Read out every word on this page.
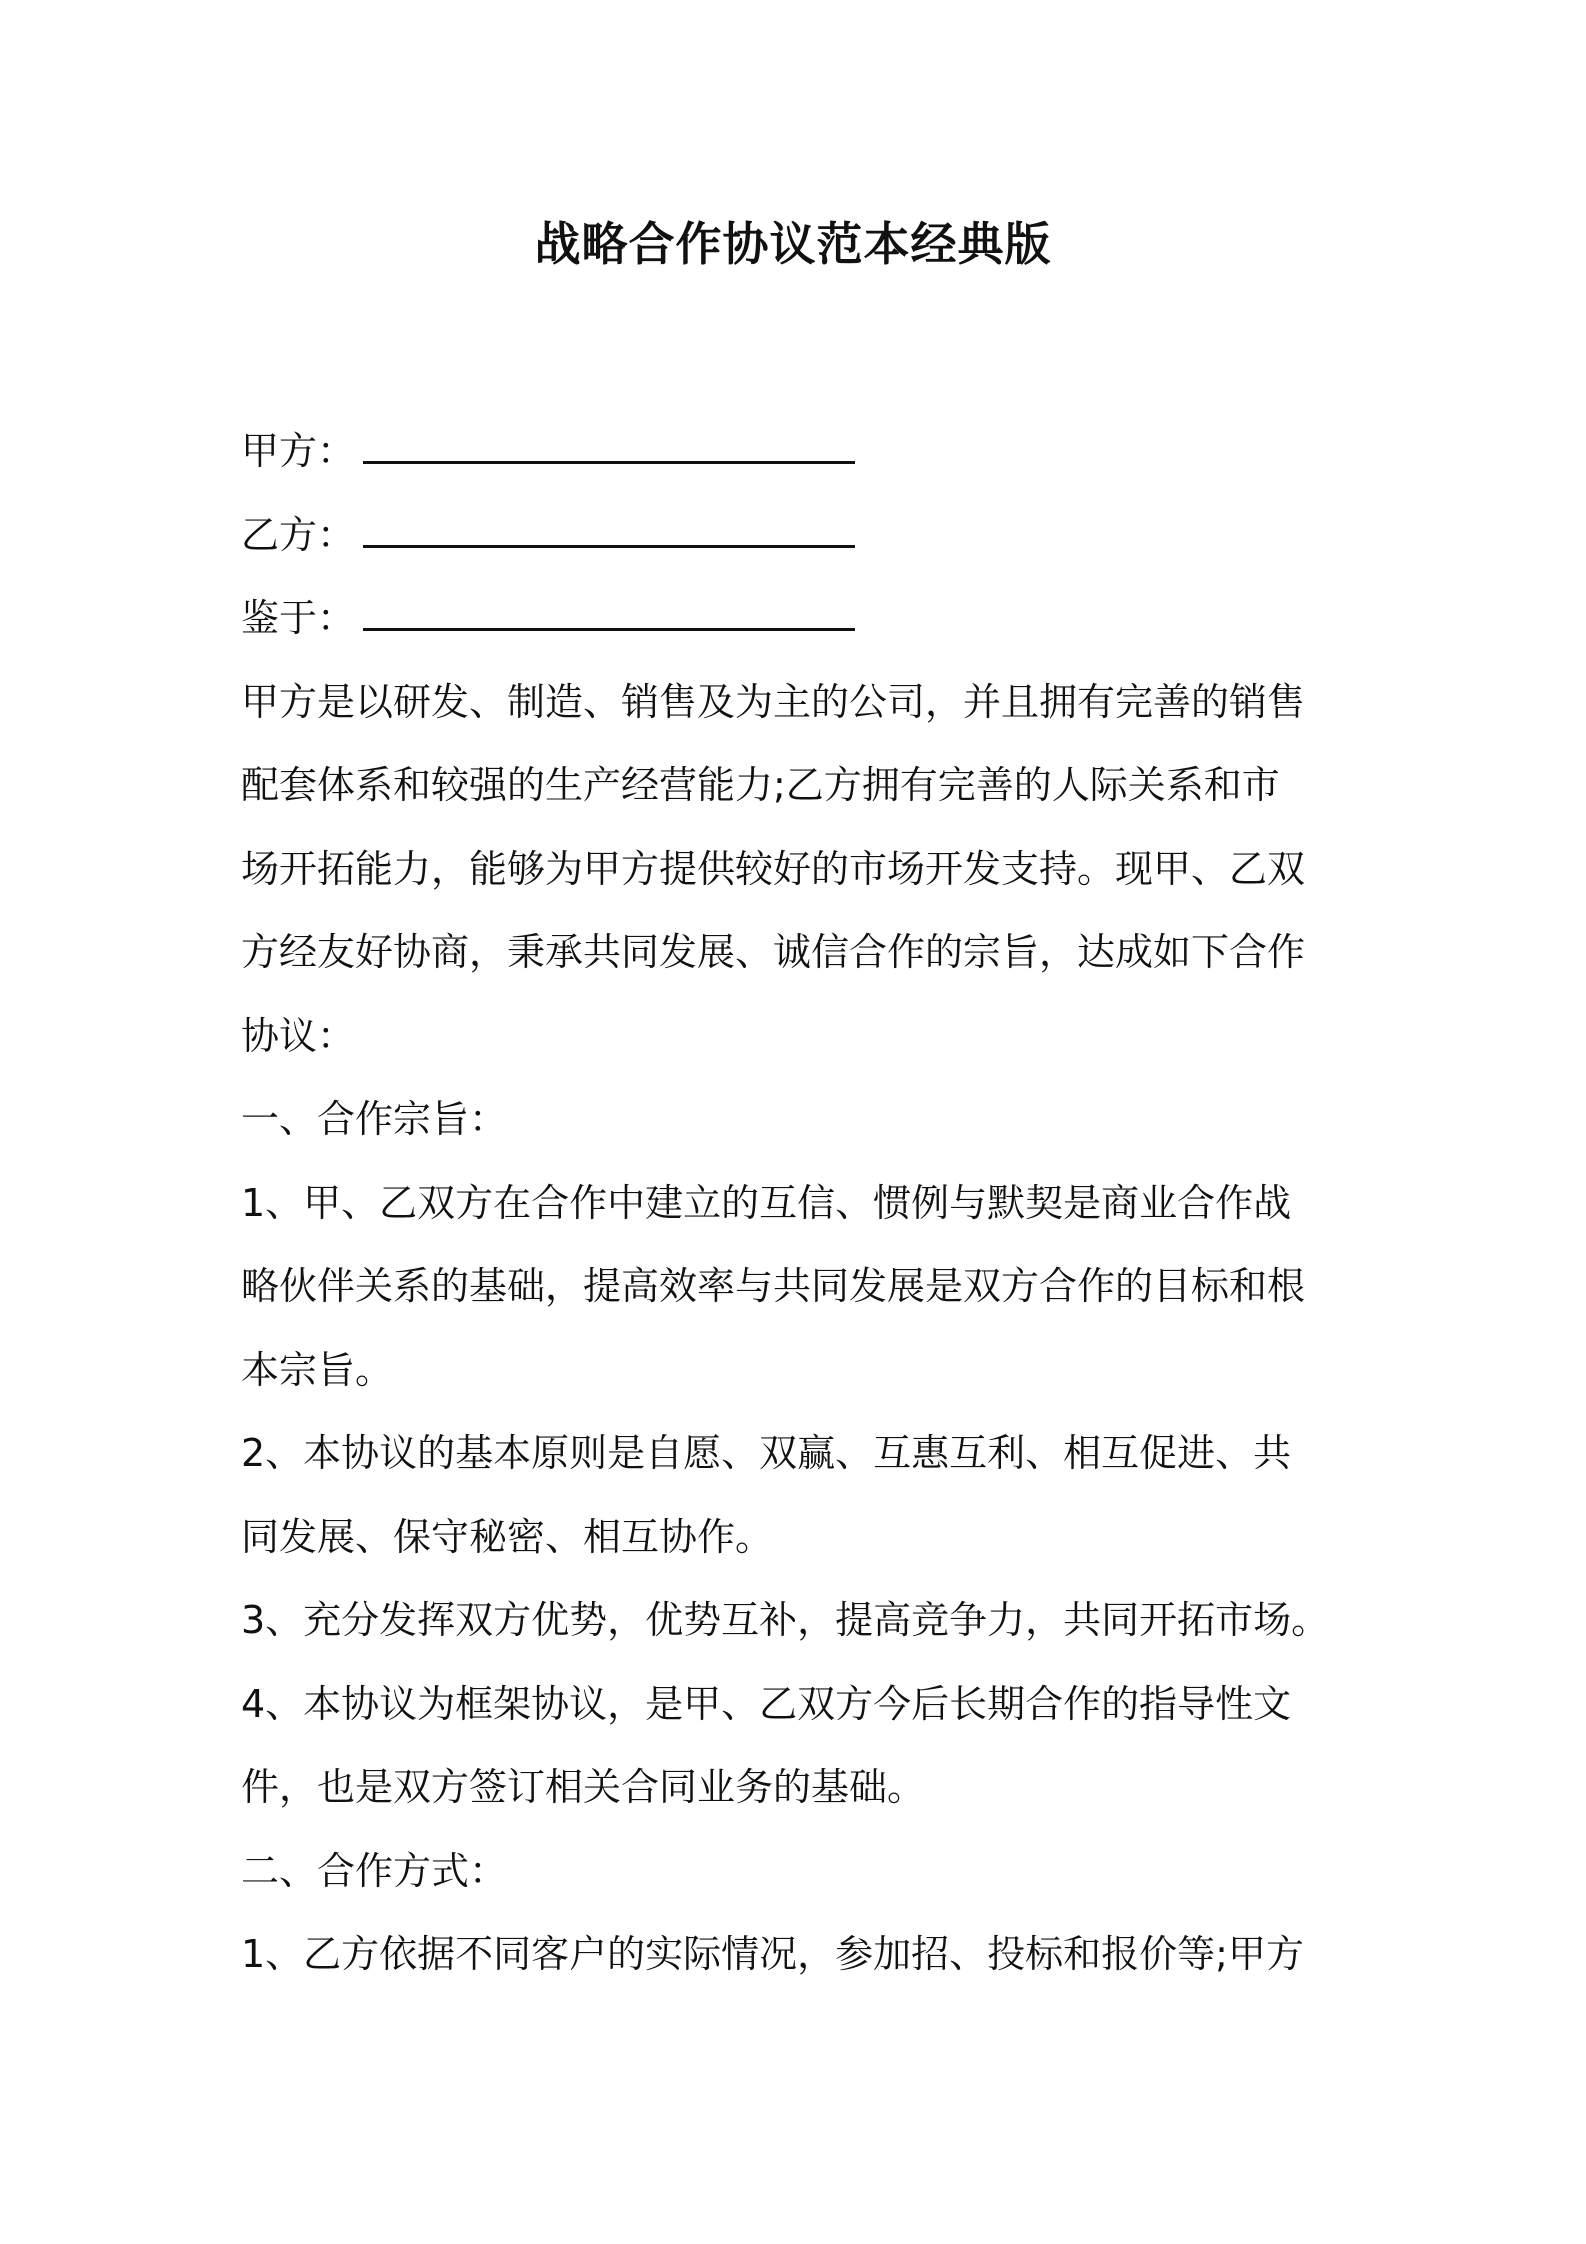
战略合作协议范本经典版
甲方：
乙方：
鉴于：
甲方是以研发、制造、销售及为主的公司，并且拥有完善的销售
配套体系和较强的生产经营能力;乙方拥有完善的人际关系和市
场开拓能力，能够为甲方提供较好的市场开发支持。现甲、乙双
方经友好协商，秉承共同发展、诚信合作的宗旨，达成如下合作
协议：
一、合作宗旨：
1、甲、乙双方在合作中建立的互信、惯例与默契是商业合作战
略伙伴关系的基础，提高效率与共同发展是双方合作的目标和根
本宗旨。
2、本协议的基本原则是自愿、双赢、互惠互利、相互促进、共
同发展、保守秘密、相互协作。
3、充分发挥双方优势，优势互补，提高竞争力，共同开拓市场。
4、本协议为框架协议，是甲、乙双方今后长期合作的指导性文
件，也是双方签订相关合同业务的基础。
二、合作方式：
1、乙方依据不同客户的实际情况，参加招、投标和报价等;甲方
